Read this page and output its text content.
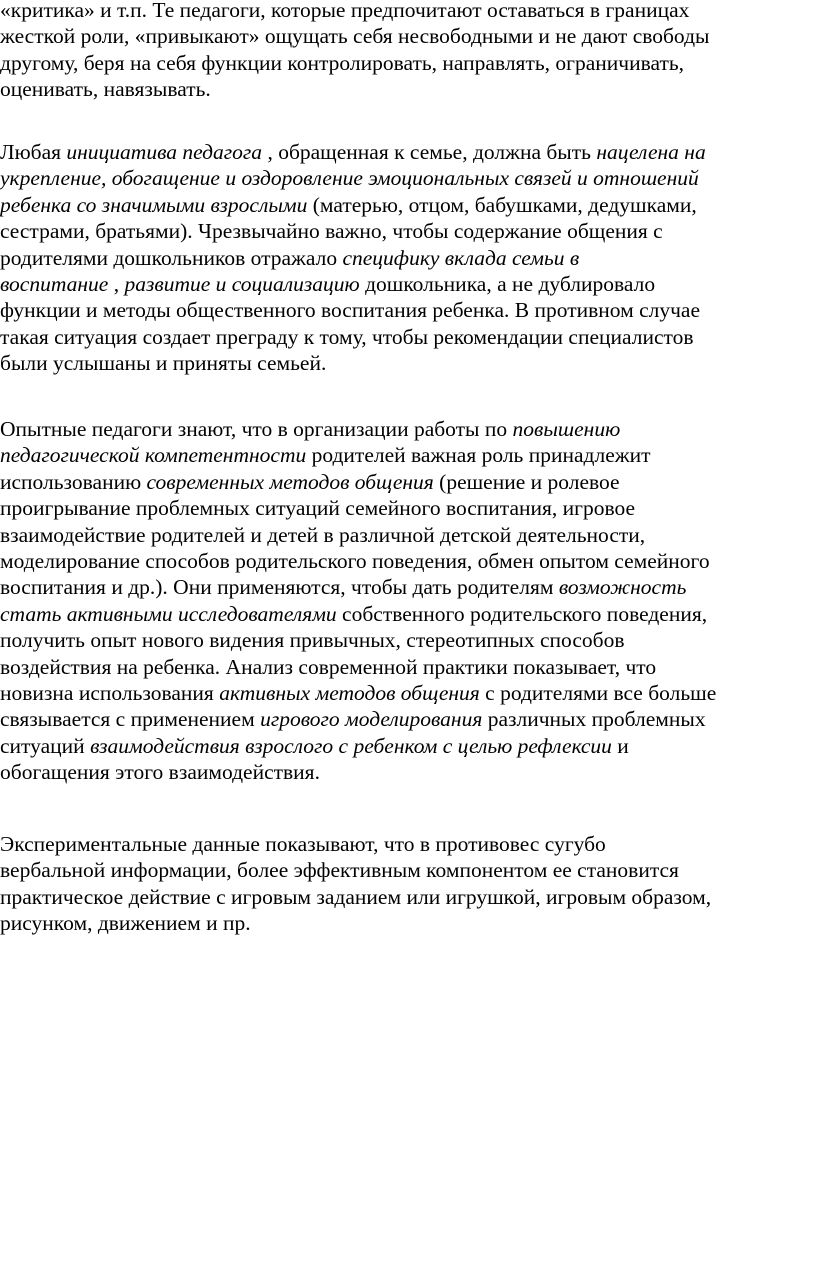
«критика» и т.п. Те педагоги, которые предпочитают оставаться в границах
жесткой роли, «привыкают» ощущать себя несвободными и не дают свободы
другому, беря на себя функции контролировать, направлять, ограничивать,
оценивать, навязывать.

Любая инициатива педагога , обращенная к семье, должна быть нацелена на
укрепление, обогащение и оздоровление эмоциональных связей и отношений
ребенка со значимыми взрослыми (матерью, отцом, бабушками, дедушками,
сестрами, братьями). Чрезвычайно важно, чтобы содержание общения с
родителями дошкольников отражало специфику вклада семьи в
воспитание , развитие и социализацию дошкольника, а не дублировало
функции и методы общественного воспитания ребенка. В противном случае
такая ситуация создает преграду к тому, чтобы рекомендации специалистов
были услышаны и приняты семьей.

Опытные педагоги знают, что в организации работы по повышению
педагогической компетентности родителей важная роль принадлежит
использованию современных методов общения (решение и ролевое
проигрывание проблемных ситуаций семейного воспитания, игровое
взаимодействие родителей и детей в различной детской деятельности,
моделирование способов родительского поведения, обмен опытом семейного
воспитания и др.). Они применяются, чтобы дать родителям возможность
стать активными исследователями собственного родительского поведения,
получить опыт нового видения привычных, стереотипных способов
воздействия на ребенка. Анализ современной практики показывает, что
новизна использования активных методов общения с родителями все больше
связывается с применением игрового моделирования различных проблемных
ситуаций взаимодействия взрослого с ребенком с целью рефлексии и
обогащения этого взаимодействия.

Экспериментальные данные показывают, что в противовес сугубо
вербальной информации, более эффективным компонентом ее становится
практическое действие с игровым заданием или игрушкой, игровым образом,
рисунком, движением и пр.
